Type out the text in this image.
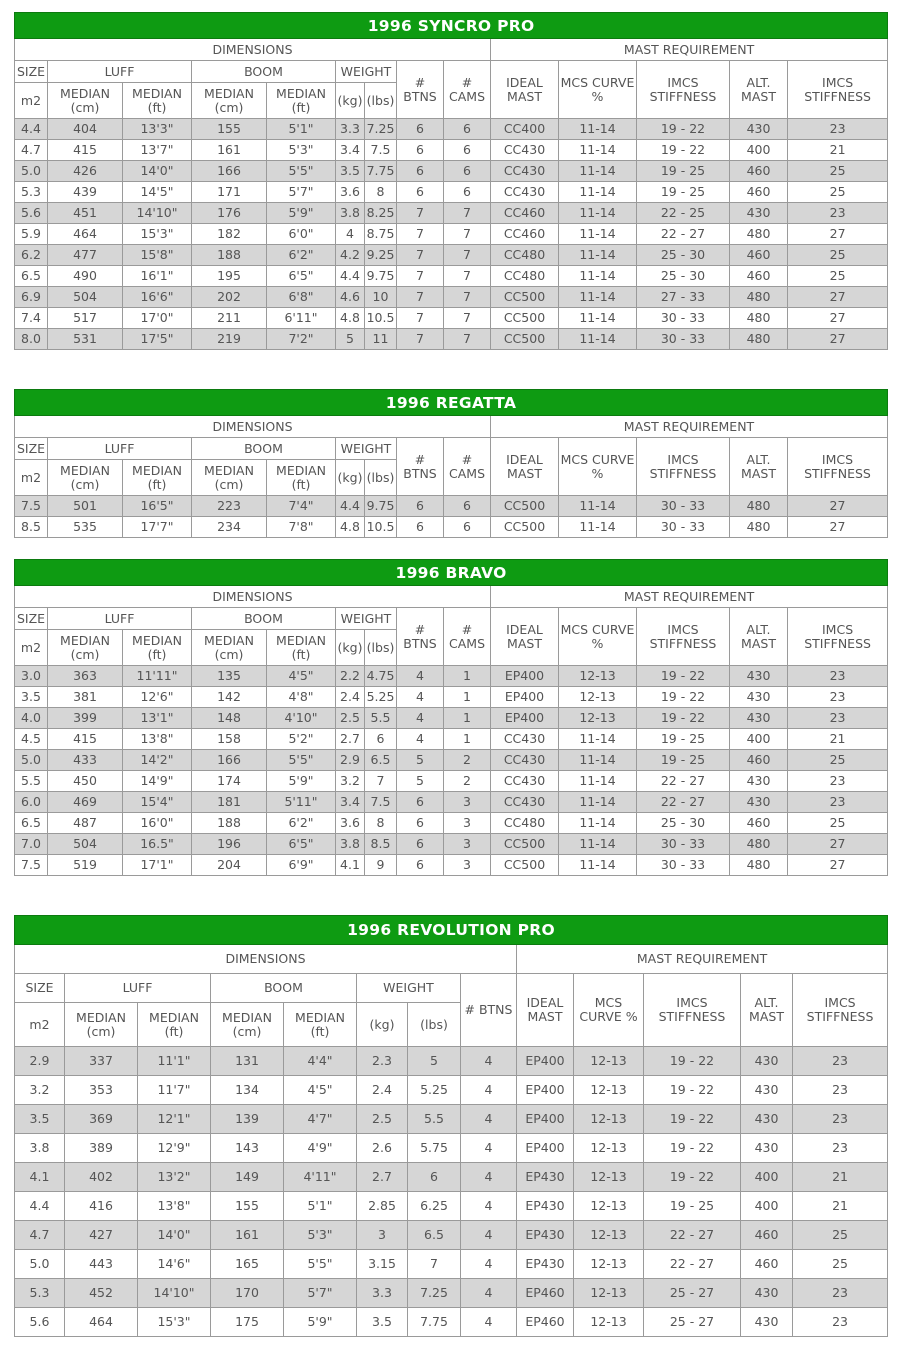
1996 SYNCRO PRO													
DIMENSIONS									MAST REQUIREMENT				
SIZE	LUFF		BOOM		WEIGHT		# BTNS	# CAMS	IDEAL MAST	MCS CURVE %	IMCS STIFFNESS	ALT. MAST	IMCS STIFFNESS
m2	MEDIAN (cm)	MEDIAN (ft)	MEDIAN (cm)	MEDIAN (ft)	(kg)	(lbs)							
4.4	404	13'3"	155	5'1"	3.3	7.25	6	6	CC400	11-14	19 - 22	430	23
4.7	415	13'7"	161	5'3"	3.4	7.5	6	6	CC430	11-14	19 - 22	400	21
5.0	426	14'0"	166	5'5"	3.5	7.75	6	6	CC430	11-14	19 - 25	460	25
5.3	439	14'5"	171	5'7"	3.6	8	6	6	CC430	11-14	19 - 25	460	25
5.6	451	14'10"	176	5'9"	3.8	8.25	7	7	CC460	11-14	22 - 25	430	23
5.9	464	15'3"	182	6'0"	4	8.75	7	7	CC460	11-14	22 - 27	480	27
6.2	477	15'8"	188	6'2"	4.2	9.25	7	7	CC480	11-14	25 - 30	460	25
6.5	490	16'1"	195	6'5"	4.4	9.75	7	7	CC480	11-14	25 - 30	460	25
6.9	504	16'6"	202	6'8"	4.6	10	7	7	CC500	11-14	27 - 33	480	27
7.4	517	17'0"	211	6'11"	4.8	10.5	7	7	CC500	11-14	30 - 33	480	27
8.0	531	17'5"	219	7'2"	5	11	7	7	CC500	11-14	30 - 33	480	27
1996 REGATTA													
DIMENSIONS									MAST REQUIREMENT				
SIZE	LUFF		BOOM		WEIGHT		# BTNS	# CAMS	IDEAL MAST	MCS CURVE %	IMCS STIFFNESS	ALT. MAST	IMCS STIFFNESS
m2	MEDIAN (cm)	MEDIAN (ft)	MEDIAN (cm)	MEDIAN (ft)	(kg)	(lbs)							
7.5	501	16'5"	223	7'4"	4.4	9.75	6	6	CC500	11-14	30 - 33	480	27
8.5	535	17'7"	234	7'8"	4.8	10.5	6	6	CC500	11-14	30 - 33	480	27
1996 BRAVO													
DIMENSIONS									MAST REQUIREMENT				
SIZE	LUFF		BOOM		WEIGHT		# BTNS	# CAMS	IDEAL MAST	MCS CURVE %	IMCS STIFFNESS	ALT. MAST	IMCS STIFFNESS
m2	MEDIAN (cm)	MEDIAN (ft)	MEDIAN (cm)	MEDIAN (ft)	(kg)	(lbs)							
3.0	363	11'11"	135	4'5"	2.2	4.75	4	1	EP400	12-13	19 - 22	430	23
3.5	381	12'6"	142	4'8"	2.4	5.25	4	1	EP400	12-13	19 - 22	430	23
4.0	399	13'1"	148	4'10"	2.5	5.5	4	1	EP400	12-13	19 - 22	430	23
4.5	415	13'8"	158	5'2"	2.7	6	4	1	CC430	11-14	19 - 25	400	21
5.0	433	14'2"	166	5'5"	2.9	6.5	5	2	CC430	11-14	19 - 25	460	25
5.5	450	14'9"	174	5'9"	3.2	7	5	2	CC430	11-14	22 - 27	430	23
6.0	469	15'4"	181	5'11"	3.4	7.5	6	3	CC430	11-14	22 - 27	430	23
6.5	487	16'0"	188	6'2"	3.6	8	6	3	CC480	11-14	25 - 30	460	25
7.0	504	16.5"	196	6'5"	3.8	8.5	6	3	CC500	11-14	30 - 33	480	27
7.5	519	17'1"	204	6'9"	4.1	9	6	3	CC500	11-14	30 - 33	480	27
1996 REVOLUTION PRO												
DIMENSIONS								MAST REQUIREMENT				
SIZE	LUFF		BOOM		WEIGHT		# BTNS	IDEAL MAST	MCS CURVE %	IMCS STIFFNESS	ALT. MAST	IMCS STIFFNESS
m2	MEDIAN (cm)	MEDIAN (ft)	MEDIAN (cm)	MEDIAN (ft)	(kg)	(lbs)						
2.9	337	11'1"	131	4'4"	2.3	5	4	EP400	12-13	19 - 22	430	23
3.2	353	11'7"	134	4'5"	2.4	5.25	4	EP400	12-13	19 - 22	430	23
3.5	369	12'1"	139	4'7"	2.5	5.5	4	EP400	12-13	19 - 22	430	23
3.8	389	12'9"	143	4'9"	2.6	5.75	4	EP400	12-13	19 - 22	430	23
4.1	402	13'2"	149	4'11"	2.7	6	4	EP430	12-13	19 - 22	400	21
4.4	416	13'8"	155	5'1"	2.85	6.25	4	EP430	12-13	19 - 25	400	21
4.7	427	14'0"	161	5'3"	3	6.5	4	EP430	12-13	22 - 27	460	25
5.0	443	14'6"	165	5'5"	3.15	7	4	EP430	12-13	22 - 27	460	25
5.3	452	14'10"	170	5'7"	3.3	7.25	4	EP460	12-13	25 - 27	430	23
5.6	464	15'3"	175	5'9"	3.5	7.75	4	EP460	12-13	25 - 27	430	23
